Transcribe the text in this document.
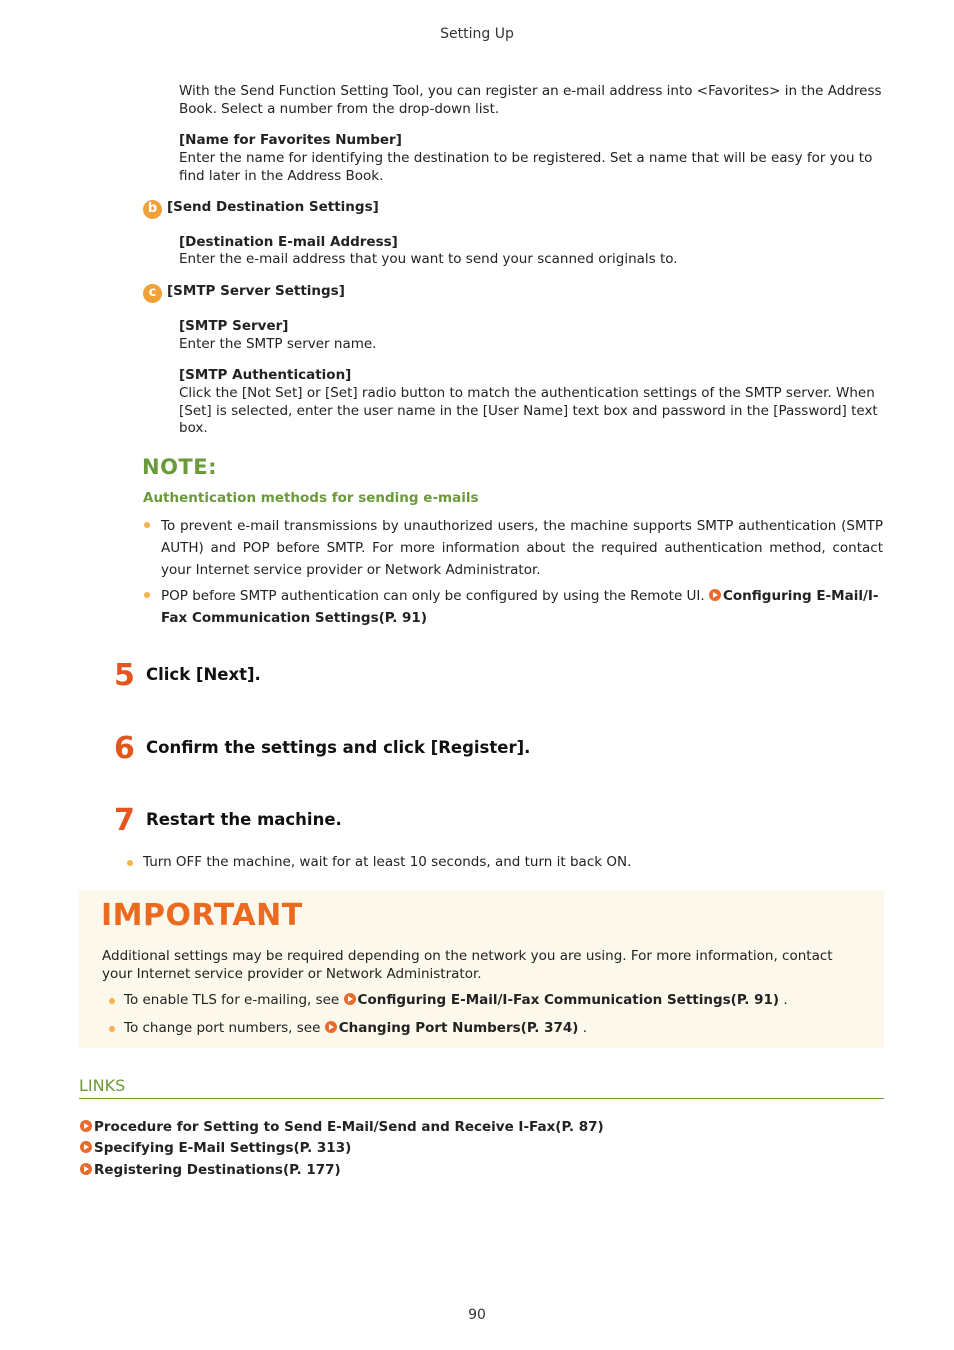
Setting Up
With the Send Function Setting Tool, you can register an e-mail address into <Favorites> in the Address Book. Select a number from the drop-down list.
[Name for Favorites Number]
Enter the name for identifying the destination to be registered. Set a name that will be easy for you to find later in the Address Book.
b [Send Destination Settings]
[Destination E-mail Address]
Enter the e-mail address that you want to send your scanned originals to.
c [SMTP Server Settings]
[SMTP Server]
Enter the SMTP server name.
[SMTP Authentication]
Click the [Not Set] or [Set] radio button to match the authentication settings of the SMTP server. When [Set] is selected, enter the user name in the [User Name] text box and password in the [Password] text box.
NOTE:
Authentication methods for sending e-mails
To prevent e-mail transmissions by unauthorized users, the machine supports SMTP authentication (SMTP AUTH) and POP before SMTP. For more information about the required authentication method, contact your Internet service provider or Network Administrator.
POP before SMTP authentication can only be configured by using the Remote UI. Configuring E-Mail/I-Fax Communication Settings(P. 91)
5 Click [Next].
6 Confirm the settings and click [Register].
7 Restart the machine.
Turn OFF the machine, wait for at least 10 seconds, and turn it back ON.
IMPORTANT
Additional settings may be required depending on the network you are using. For more information, contact your Internet service provider or Network Administrator.
To enable TLS for e-mailing, see Configuring E-Mail/I-Fax Communication Settings(P. 91) .
To change port numbers, see Changing Port Numbers(P. 374) .
LINKS
Procedure for Setting to Send E-Mail/Send and Receive I-Fax(P. 87)
Specifying E-Mail Settings(P. 313)
Registering Destinations(P. 177)
90
